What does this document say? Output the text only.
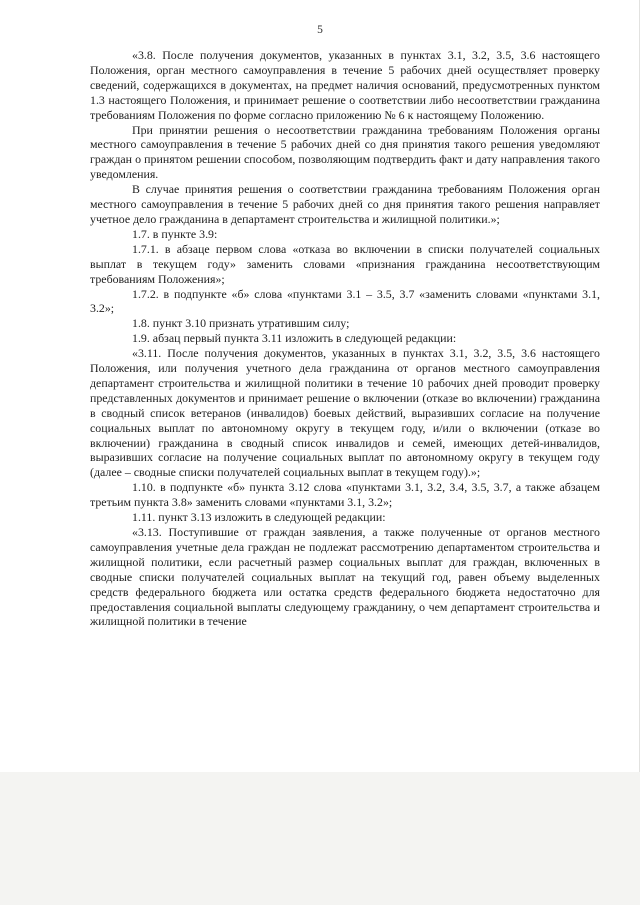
5

«3.8. После получения документов, указанных в пунктах 3.1, 3.2, 3.5, 3.6 настоящего Положения, орган местного самоуправления в течение 5 рабочих дней осуществляет проверку сведений, содержащихся в документах, на предмет наличия оснований, предусмотренных пунктом 1.3 настоящего Положения, и принимает решение о соответствии либо несоответствии гражданина требованиям Положения по форме согласно приложению № 6 к настоящему Положению.

При принятии решения о несоответствии гражданина требованиям Положения органы местного самоуправления в течение 5 рабочих дней со дня принятия такого решения уведомляют граждан о принятом решении способом, позволяющим подтвердить факт и дату направления такого уведомления.

В случае принятия решения о соответствии гражданина требованиям Положения орган местного самоуправления в течение 5 рабочих дней со дня принятия такого решения направляет учетное дело гражданина в департамент строительства и жилищной политики.»;

1.7. в пункте 3.9:

1.7.1. в абзаце первом слова «отказа во включении в списки получателей социальных выплат в текущем году» заменить словами «признания гражданина несоответствующим требованиям Положения»;

1.7.2. в подпункте «б» слова «пунктами 3.1 – 3.5, 3.7 «заменить словами «пунктами 3.1, 3.2»;

1.8. пункт 3.10 признать утратившим силу;

1.9. абзац первый пункта 3.11 изложить в следующей редакции:

«3.11. После получения документов, указанных в пунктах 3.1, 3.2, 3.5, 3.6 настоящего Положения, или получения учетного дела гражданина от органов местного самоуправления департамент строительства и жилищной политики в течение 10 рабочих дней проводит проверку представленных документов и принимает решение о включении (отказе во включении) гражданина в сводный список ветеранов (инвалидов) боевых действий, выразивших согласие на получение социальных выплат по автономному округу в текущем году, и/или о включении (отказе во включении) гражданина в сводный список инвалидов и семей, имеющих детей-инвалидов, выразивших согласие на получение социальных выплат по автономному округу в текущем году (далее – сводные списки получателей социальных выплат в текущем году).»;

1.10. в подпункте «б» пункта 3.12 слова «пунктами 3.1, 3.2, 3.4, 3.5, 3.7, а также абзацем третьим пункта 3.8» заменить словами «пунктами 3.1, 3.2»;

1.11. пункт 3.13 изложить в следующей редакции:

«3.13. Поступившие от граждан заявления, а также полученные от органов местного самоуправления учетные дела граждан не подлежат рассмотрению департаментом строительства и жилищной политики, если расчетный размер социальных выплат для граждан, включенных в сводные списки получателей социальных выплат на текущий год, равен объему выделенных средств федерального бюджета или остатка средств федерального бюджета недостаточно для предоставления социальной выплаты следующему гражданину, о чем департамент строительства и жилищной политики в течение
